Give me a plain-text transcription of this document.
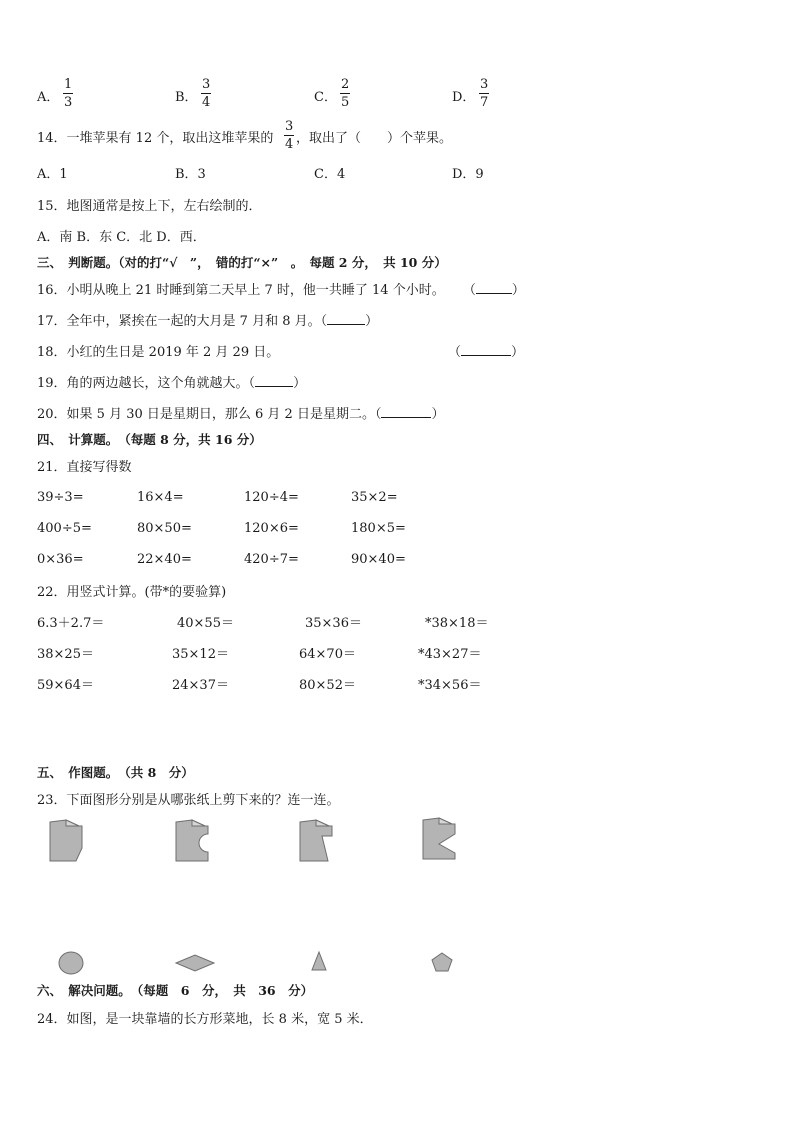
A． $\frac{1}{3}$	B． $\frac{3}{4}$	C． $\frac{2}{5}$	D． $\frac{3}{7}$
14．一堆苹果有 12 个，取出这堆苹果的 $\frac{3}{4}$ ，取出了（　　）个苹果。
A．1	B．3	C．4	D．9
15．地图通常是按上下，左右绘制的．
A．南 B．东 C．北 D．西．
三、　判断题。（对的打“√　”，　错的打“×”　。　每题 2 分，　共 10 分）
16．小明从晚上 21 时睡到第二天早上 7 时，他一共睡了 14 个小时。 （	）
17．全年中，紧挨在一起的大月是 7 月和 8 月。（	）
18．小红的生日是 2019 年 2 月 29 日。	（	）
19．角的两边越长，这个角就越大。（	）
20．如果 5 月 30 日是星期日，那么 6 月 2 日是星期二。（	）
四、　计算题。　（每题 8 分，共 16 分）
21．直接写得数
39÷3=	16×4=	120÷4=	35×2=
400÷5=	80×50=	120×6=	180×5=
0×36=	22×40=	420÷7=	90×40=
22．用竖式计算。(带*的要验算)
6.3＋2.7＝	40×55＝	35×36＝	*38×18＝
38×25＝	35×12＝	64×70＝	*43×27＝
59×64＝	24×37＝	80×52＝	*34×56＝
五、　作图题。　（共 8　分）
23．下面图形分别是从哪张纸上剪下来的？连一连。
六、　解决问题。　（每题　6　分，　共　36　分）
24．如图，是一块靠墙的长方形菜地，长 8 米，宽 5 米．
